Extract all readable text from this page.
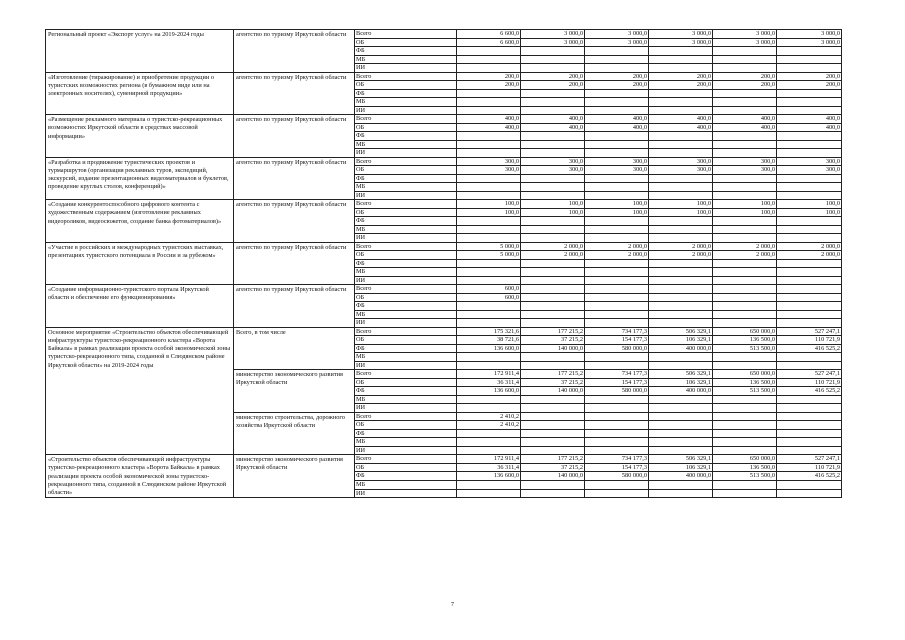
Региональный проект «Экспорт услуг» на 2019-2024 годы	агентство по туризму Иркутской области	Всего	6 600,0	3 000,0	3 000,0	3 000,0	3 000,0	3 000,0
		ОБ	6 600,0	3 000,0	3 000,0	3 000,0	3 000,0	3 000,0
		ФБ						
		МБ						
		ИИ						
«Изготовление (тиражирование) и приобретение продукции о туристских возможностях региона (в бумажном виде или на электронных носителях), сувенирной продукции»	агентство по туризму Иркутской области	Всего	200,0	200,0	200,0	200,0	200,0	200,0
		ОБ	200,0	200,0	200,0	200,0	200,0	200,0
		ФБ						
		МБ						
		ИИ						
«Размещение рекламного материала о туристско-рекреационных возможностях Иркутской области в средствах массовой информации»	агентство по туризму Иркутской области	Всего	400,0	400,0	400,0	400,0	400,0	400,0
		ОБ	400,0	400,0	400,0	400,0	400,0	400,0
		ФБ						
		МБ						
		ИИ						
«Разработка и продвижение туристических проектов и турмаршрутов (организация рекламных туров, экспедиций, экскурсий, издание презентационных видеоматериалов и буклетов, проведение круглых столов, конференций)»	агентство по туризму Иркутской области	Всего	300,0	300,0	300,0	300,0	300,0	300,0
		ОБ	300,0	300,0	300,0	300,0	300,0	300,0
		ФБ						
		МБ						
		ИИ						
«Создание конкурентоспособного цифрового контента с художественным содержанием (изготовление рекламных видеороликов, видеосюжетов, создание банка фотоматериалов)»	агентство по туризму Иркутской области	Всего	100,0	100,0	100,0	100,0	100,0	100,0
		ОБ	100,0	100,0	100,0	100,0	100,0	100,0
		ФБ						
		МБ						
		ИИ						
«Участие в российских и международных туристских выставках, презентациях туристского потенциала в России и за рубежом»	агентство по туризму Иркутской области	Всего	5 000,0	2 000,0	2 000,0	2 000,0	2 000,0	2 000,0
		ОБ	5 000,0	2 000,0	2 000,0	2 000,0	2 000,0	2 000,0
		ФБ						
		МБ						
		ИИ						
«Создание информационно-туристского портала Иркутской области и обеспечение его функционирования»	агентство по туризму Иркутской области	Всего	600,0					
		ОБ	600,0					
		ФБ						
		МБ						
		ИИ						
Основное мероприятие «Строительство объектов обеспечивающей инфраструктуры туристско-рекреационного кластера «Ворота Байкала» в рамках реализации проекта особой экономической зоны туристско-рекреационного типа, созданной в Слюдянском районе Иркутской области» на 2019-2024 годы	Всего, в том числе	Всего	175 321,6	177 215,2	734 177,3	506 329,1	650 000,0	527 247,1
		ОБ	38 721,6	37 215,2	154 177,3	106 329,1	136 500,0	110 721,9
		ФБ	136 600,0	140 000,0	580 000,0	400 000,0	513 500,0	416 525,2
		МБ						
		ИИ						
	министерство экономического развития Иркутской области	Всего	172 911,4	177 215,2	734 177,3	506 329,1	650 000,0	527 247,1
		ОБ	36 311,4	37 215,2	154 177,3	106 329,1	136 500,0	110 721,9
		ФБ	136 600,0	140 000,0	580 000,0	400 000,0	513 500,0	416 525,2
		МБ						
		ИИ						
	министерство строительства, дорожного хозяйства Иркутской области	Всего	2 410,2					
		ОБ	2 410,2					
		ФБ						
		МБ						
		ИИ						
«Строительство объектов обеспечивающей инфраструктуры туристско-рекреационного кластера «Ворота Байкала» в рамках реализации проекта особой экономической зоны туристско-рекреационного типа, созданной в Слюдянском районе Иркутской области»	министерство экономического развития Иркутской области	Всего	172 911,4	177 215,2	734 177,3	506 329,1	650 000,0	527 247,1
		ОБ	36 311,4	37 215,2	154 177,3	106 329,1	136 500,0	110 721,9
		ФБ	136 600,0	140 000,0	580 000,0	400 000,0	513 500,0	416 525,2
		МБ						
		ИИ						
7
